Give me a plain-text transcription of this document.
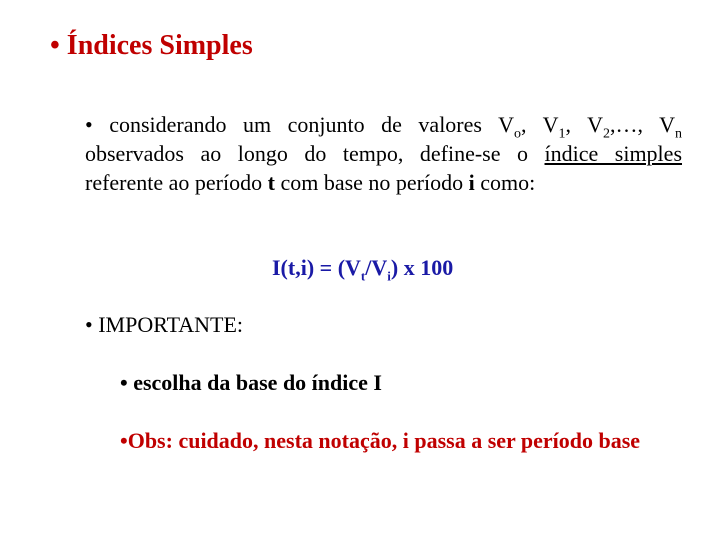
• Índices Simples
• considerando um conjunto de valores $V_o$, $V_1$, $V_2,\dots$, $V_n$
observados ao longo do tempo, define-se o índice simples
referente ao período t com base no período i como:
$I(t,i) = (V_t/V_i)$ x 100
• IMPORTANTE:
• escolha da base do índice I
•Obs: cuidado, nesta notação, i passa a ser período base
